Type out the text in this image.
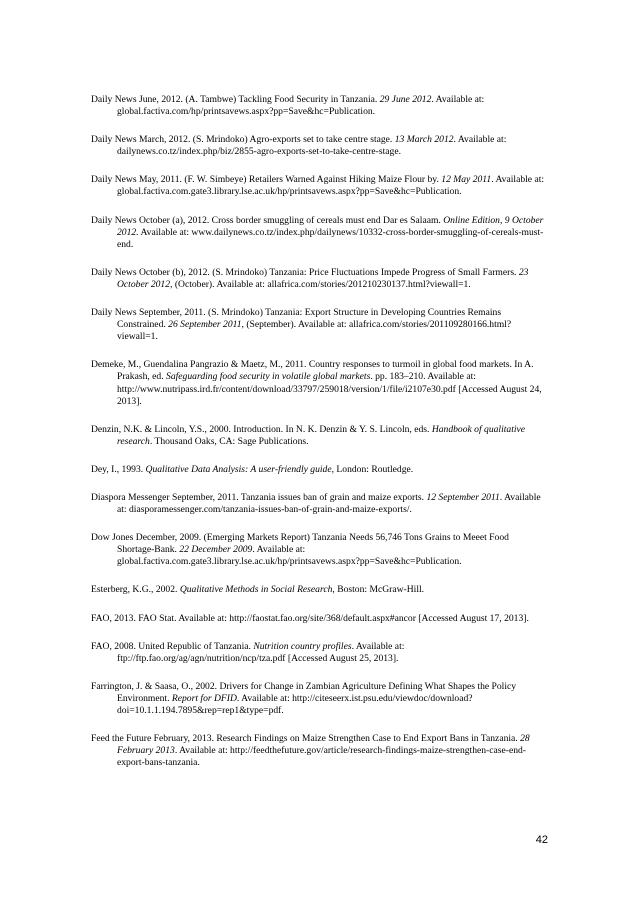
Daily News June, 2012. (A. Tambwe) Tackling Food Security in Tanzania. 29 June 2012. Available at: global.factiva.com/hp/printsavews.aspx?pp=Save&hc=Publication.
Daily News March, 2012. (S. Mrindoko) Agro-exports set to take centre stage. 13 March 2012. Available at: dailynews.co.tz/index.php/biz/2855-agro-exports-set-to-take-centre-stage.
Daily News May, 2011. (F. W. Simbeye) Retailers Warned Against Hiking Maize Flour by. 12 May 2011. Available at: global.factiva.com.gate3.library.lse.ac.uk/hp/printsavews.aspx?pp=Save&hc=Publication.
Daily News October (a), 2012. Cross border smuggling of cereals must end Dar es Salaam. Online Edition, 9 October 2012. Available at: www.dailynews.co.tz/index.php/dailynews/10332-cross-border-smuggling-of-cereals-must-end.
Daily News October (b), 2012. (S. Mrindoko) Tanzania: Price Fluctuations Impede Progress of Small Farmers. 23 October 2012, (October). Available at: allafrica.com/stories/201210230137.html?viewall=1.
Daily News September, 2011. (S. Mrindoko) Tanzania: Export Structure in Developing Countries Remains Constrained. 26 September 2011, (September). Available at: allafrica.com/stories/201109280166.html?viewall=1.
Demeke, M., Guendalina Pangrazio & Maetz, M., 2011. Country responses to turmoil in global food markets. In A. Prakash, ed. Safeguarding food security in volatile global markets. pp. 183–210. Available at: http://www.nutripass.ird.fr/content/download/33797/259018/version/1/file/i2107e30.pdf [Accessed August 24, 2013].
Denzin, N.K. & Lincoln, Y.S., 2000. Introduction. In N. K. Denzin & Y. S. Lincoln, eds. Handbook of qualitative research. Thousand Oaks, CA: Sage Publications.
Dey, I., 1993. Qualitative Data Analysis: A user-friendly guide, London: Routledge.
Diaspora Messenger September, 2011. Tanzania issues ban of grain and maize exports. 12 September 2011. Available at: diasporamessenger.com/tanzania-issues-ban-of-grain-and-maize-exports/.
Dow Jones December, 2009. (Emerging Markets Report) Tanzania Needs 56,746 Tons Grains to Meeet Food Shortage-Bank. 22 December 2009. Available at: global.factiva.com.gate3.library.lse.ac.uk/hp/printsavews.aspx?pp=Save&hc=Publication.
Esterberg, K.G., 2002. Qualitative Methods in Social Research, Boston: McGraw-Hill.
FAO, 2013. FAO Stat. Available at: http://faostat.fao.org/site/368/default.aspx#ancor [Accessed August 17, 2013].
FAO, 2008. United Republic of Tanzania. Nutrition country profiles. Available at: ftp://ftp.fao.org/ag/agn/nutrition/ncp/tza.pdf [Accessed August 25, 2013].
Farrington, J. & Saasa, O., 2002. Drivers for Change in Zambian Agriculture Defining What Shapes the Policy Environment. Report for DFID. Available at: http://citeseerx.ist.psu.edu/viewdoc/download?doi=10.1.1.194.7895&rep=rep1&type=pdf.
Feed the Future February, 2013. Research Findings on Maize Strengthen Case to End Export Bans in Tanzania. 28 February 2013. Available at: http://feedthefuture.gov/article/research-findings-maize-strengthen-case-end-export-bans-tanzania.
42
